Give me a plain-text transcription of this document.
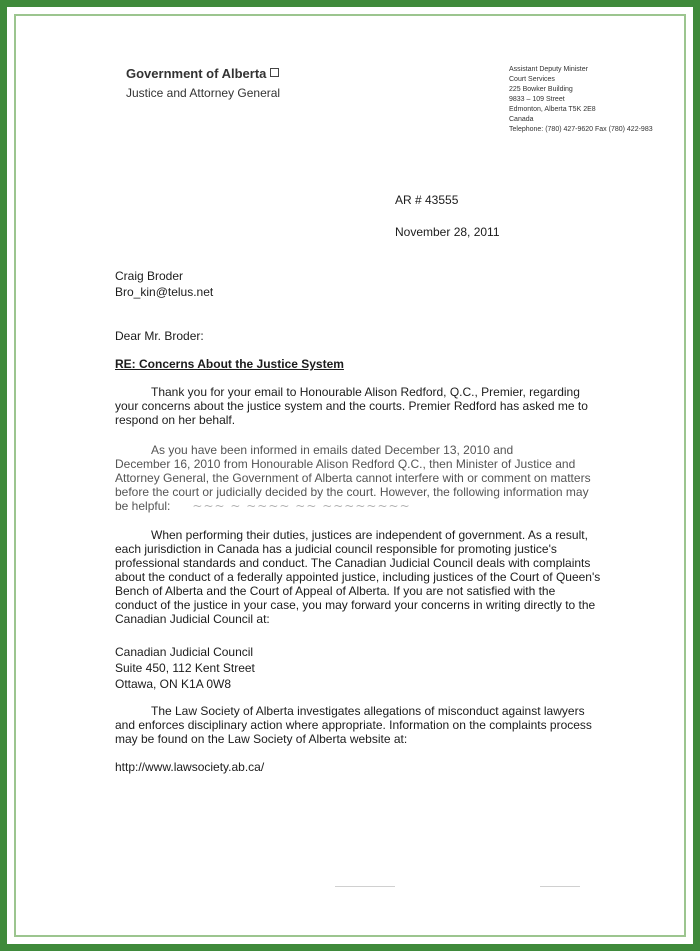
Government of Alberta
Justice and Attorney General
Assistant Deputy Minister
Court Services
225 Bowker Building
9833 – 109 Street
Edmonton, Alberta T5K 2E8
Canada
Telephone: (780) 427-9620 Fax (780) 422-983
AR # 43555
November 28, 2011
Craig Broder
Bro_kin@telus.net
Dear Mr. Broder:
RE: Concerns About the Justice System
Thank you for your email to Honourable Alison Redford, Q.C., Premier, regarding
your concerns about the justice system and the courts. Premier Redford has asked me to
respond on her behalf.
As you have been informed in emails dated December 13, 2010 and
December 16, 2010 from Honourable Alison Redford Q.C., then Minister of Justice and
Attorney General, the Government of Alberta cannot interfere with or comment on matters
before the court or judicially decided by the court. However, the following information may
be helpful: ~~~ ~ ~~~~ ~~ ~~~~~~~~
When performing their duties, justices are independent of government. As a result,
each jurisdiction in Canada has a judicial council responsible for promoting justice's
professional standards and conduct. The Canadian Judicial Council deals with complaints
about the conduct of a federally appointed justice, including justices of the Court of Queen's
Bench of Alberta and the Court of Appeal of Alberta. If you are not satisfied with the
conduct of the justice in your case, you may forward your concerns in writing directly to the
Canadian Judicial Council at:
Canadian Judicial Council
Suite 450, 112 Kent Street
Ottawa, ON K1A 0W8
The Law Society of Alberta investigates allegations of misconduct against lawyers
and enforces disciplinary action where appropriate. Information on the complaints process
may be found on the Law Society of Alberta website at:
http://www.lawsociety.ab.ca/
